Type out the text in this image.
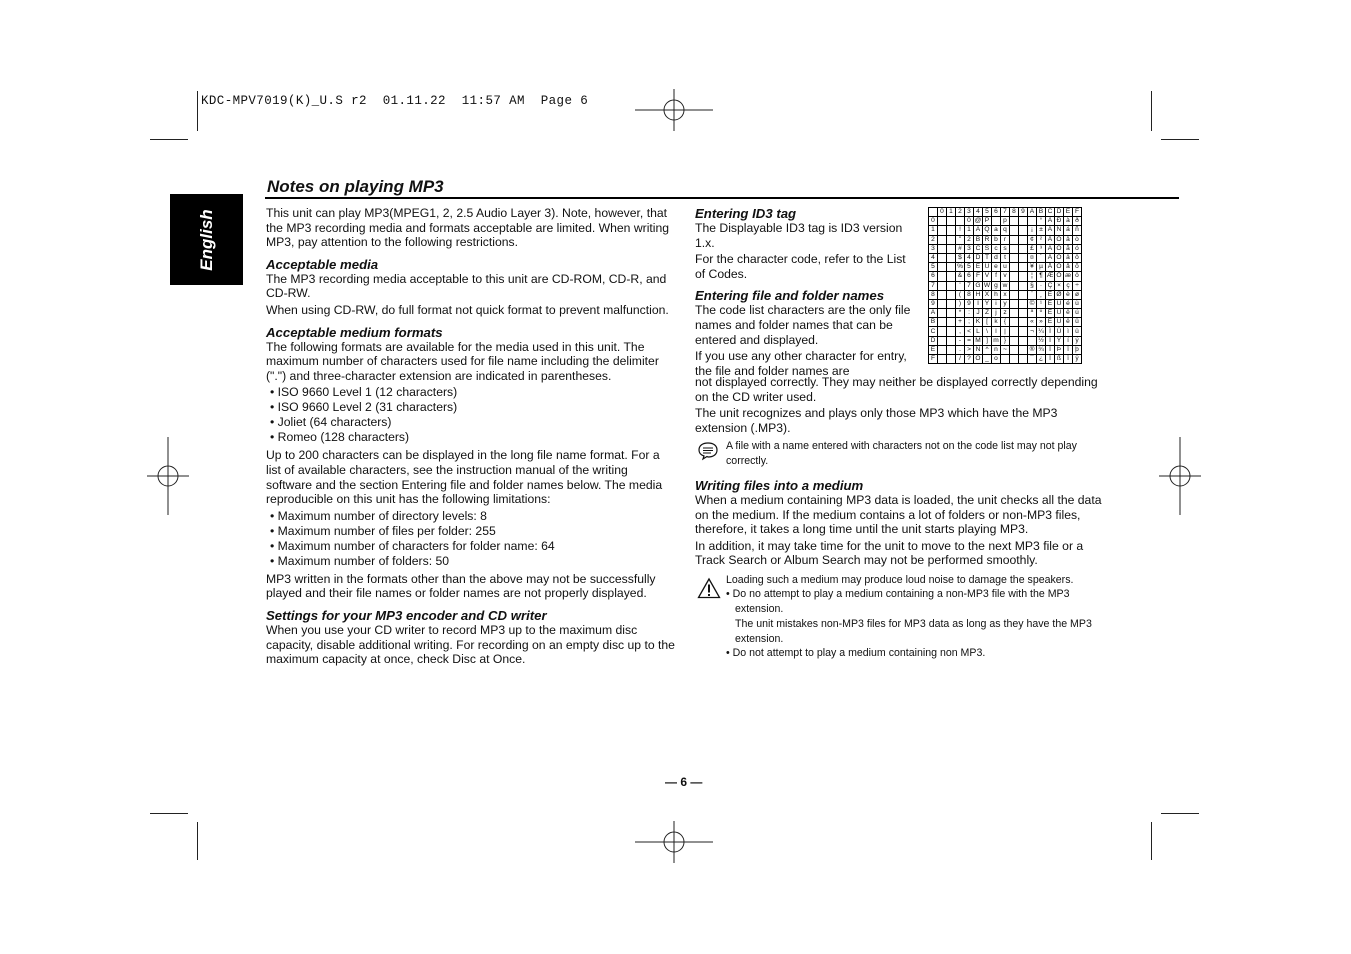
KDC-MPV7019(K)_U.S r2  01.11.22  11:57 AM  Page 6
English
Notes on playing MP3

This unit can play MP3(MPEG1, 2, 2.5 Audio Layer 3). Note, however, that the MP3 recording media and formats acceptable are limited. When writing MP3, pay attention to the following restrictions.

Acceptable media

The MP3 recording media acceptable to this unit are CD-ROM, CD-R, and CD-RW.

When using CD-RW, do full format not quick format to prevent malfunction.

Acceptable medium formats

The following formats are available for the media used in this unit. The maximum number of characters used for file name including the delimiter (".") and three-character extension are indicated in parentheses.

• ISO 9660 Level 1 (12 characters)
• ISO 9660 Level 2 (31 characters)
• Joliet (64 characters)
• Romeo (128 characters)

Up to 200 characters can be displayed in the long file name format. For a list of available characters, see the instruction manual of the writing software and the section Entering file and folder names below. The media reproducible on this unit has the following limitations:

• Maximum number of directory levels: 8
• Maximum number of files per folder: 255
• Maximum number of characters for folder name: 64
• Maximum number of folders: 50

MP3 written in the formats other than the above may not be successfully played and their file names or folder names are not properly displayed.

Settings for your MP3 encoder and CD writer

When you use your CD writer to record MP3 up to the maximum disc capacity, disable additional writing. For recording on an empty disc up to the maximum capacity at once, check Disc at Once.

Entering ID3 tag

The Displayable ID3 tag is ID3 version 1.x.

For the character code, refer to the List of Codes.

Entering file and folder names

The code list characters are the only file names and folder names that can be entered and displayed.

If you use any other character for entry, the file and folder names are

not displayed correctly. They may neither be displayed correctly depending on the CD writer used.

The unit recognizes and plays only those MP3 which have the MP3 extension (.MP3).

A file with a name entered with characters not on the code list may not play correctly.
Writing files into a medium

When a medium containing MP3 data is loaded, the unit checks all the data on the medium. If the medium contains a lot of folders or non-MP3 files, therefore, it takes a long time until the unit starts playing MP3.

In addition, it may take time for the unit to move to the next MP3 file or a Track Search or Album Search may not be performed smoothly.

Loading such a medium may produce loud noise to damage the speakers.
• Do no attempt to play a medium containing a non-MP3 file with the MP3 extension.
The unit mistakes non-MP3 files for MP3 data as long as they have the MP3 extension.
• Do not attempt to play a medium containing non MP3.
	0	1	2	3	4	5	6	7	8	9	A	B	C	D	E	F
0				0	@	P		p				°	À	Ð	à	ð
1			!	1	A	Q	a	q			¡	±	Á	Ñ	á	ñ
2			"	2	B	R	b	r			¢	²	Â	Ò	â	ò
3			#	3	C	S	c	s			£	³	Ã	Ó	ã	ó
4			$	4	D	T	d	t			¤	´	Ä	Ô	ä	ô
5			%	5	E	U	e	u			¥	µ	Å	Õ	å	õ
6			&	6	F	V	f	v			¦	¶	Æ	Ö	æ	ö
7			'	7	G	W	g	w			§	·	Ç	×	ç	÷
8			(	8	H	X	h	x			¨	¸	È	Ø	è	ø
9			)	9	I	Y	i	y			©	¹	É	Ù	é	ù
A			*	:	J	Z	j	z			ª	º	Ê	Ú	ê	ú
B			+	;	K	[	k	{			«	»	Ë	Û	ë	û
C			,	<	L	\	l	|			¬	¼	Ì	Ü	ì	ü
D			-	=	M	]	m	}				½	Í	Ý	í	ý
E			.	>	N	^	n	~			®	¾	Î	Þ	î	þ
F			/	?	O	_	o				¯	¿	Ï	ß	ï	ÿ
— 6 —
